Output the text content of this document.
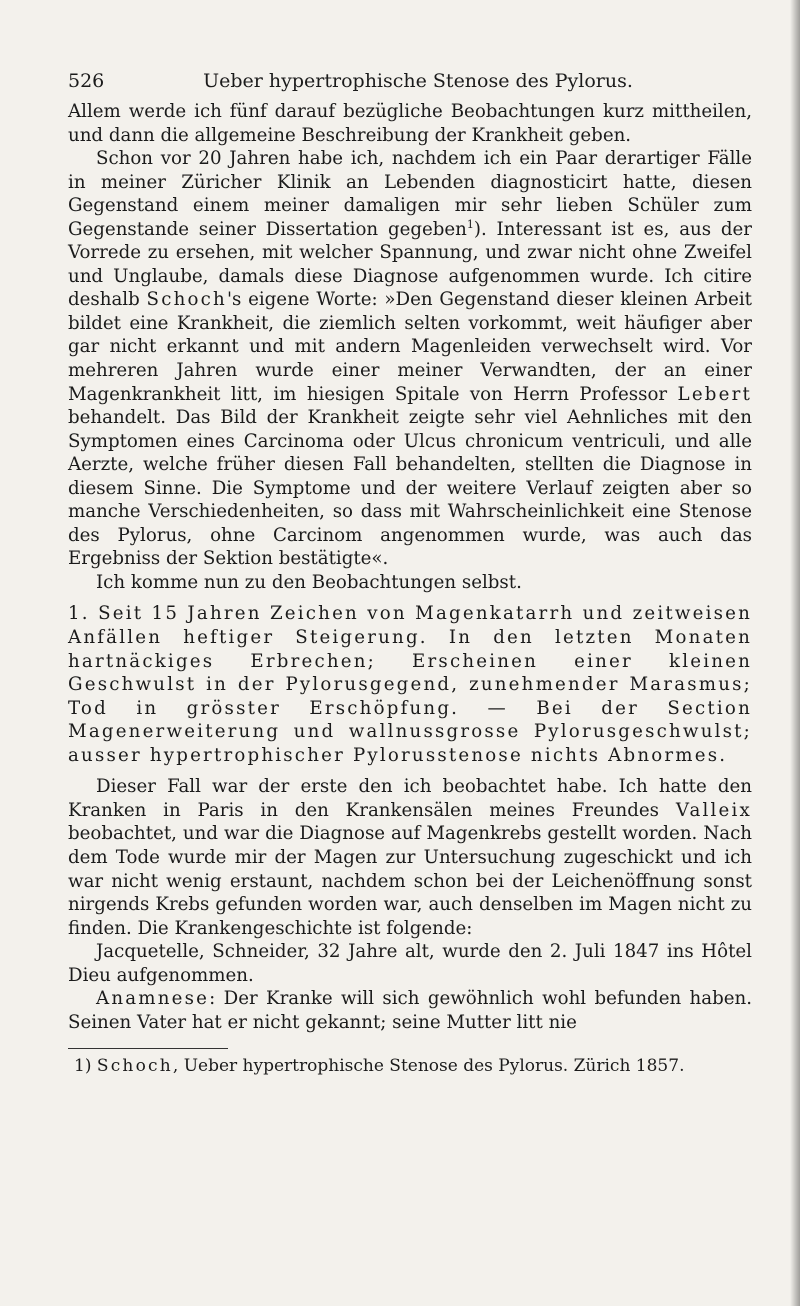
526	Ueber hypertrophische Stenose des Pylorus.

Allem werde ich fünf darauf bezügliche Beobachtungen kurz mittheilen, und dann die allgemeine Beschreibung der Krankheit geben.

Schon vor 20 Jahren habe ich, nachdem ich ein Paar derartiger Fälle in meiner Züricher Klinik an Lebenden diagnosticirt hatte, diesen Gegenstand einem meiner damaligen mir sehr lieben Schüler zum Gegenstande seiner Dissertation gegeben$^1$). Interessant ist es, aus der Vorrede zu ersehen, mit welcher Spannung, und zwar nicht ohne Zweifel und Unglaube, damals diese Diagnose aufgenommen wurde. Ich citire deshalb Schoch's eigene Worte: »Den Gegenstand dieser kleinen Arbeit bildet eine Krankheit, die ziemlich selten vorkommt, weit häufiger aber gar nicht erkannt und mit andern Magenleiden verwechselt wird. Vor mehreren Jahren wurde einer meiner Verwandten, der an einer Magenkrankheit litt, im hiesigen Spitale von Herrn Professor Lebert behandelt. Das Bild der Krankheit zeigte sehr viel Aehnliches mit den Symptomen eines Carcinoma oder Ulcus chronicum ventriculi, und alle Aerzte, welche früher diesen Fall behandelten, stellten die Diagnose in diesem Sinne. Die Symptome und der weitere Verlauf zeigten aber so manche Verschiedenheiten, so dass mit Wahrscheinlichkeit eine Stenose des Pylorus, ohne Carcinom angenommen wurde, was auch das Ergebniss der Sektion bestätigte«.

Ich komme nun zu den Beobachtungen selbst.

1. Seit 15 Jahren Zeichen von Magenkatarrh und zeitweisen Anfällen heftiger Steigerung. In den letzten Monaten hartnäckiges Erbrechen; Erscheinen einer kleinen Geschwulst in der Pylorusgegend, zunehmender Marasmus; Tod in grösster Erschöpfung. — Bei der Section Magenerweiterung und wallnussgrosse Pylorusgeschwulst; ausser hypertrophischer Pylorusstenose nichts Abnormes.

Dieser Fall war der erste den ich beobachtet habe. Ich hatte den Kranken in Paris in den Krankensälen meines Freundes Valleix beobachtet, und war die Diagnose auf Magenkrebs gestellt worden. Nach dem Tode wurde mir der Magen zur Untersuchung zugeschickt und ich war nicht wenig erstaunt, nachdem schon bei der Leichenöffnung sonst nirgends Krebs gefunden worden war, auch denselben im Magen nicht zu finden. Die Krankengeschichte ist folgende:

Jacquetelle, Schneider, 32 Jahre alt, wurde den 2. Juli 1847 ins Hôtel Dieu aufgenommen.

Anamnese: Der Kranke will sich gewöhnlich wohl befunden haben. Seinen Vater hat er nicht gekannt; seine Mutter litt nie

1) Schoch, Ueber hypertrophische Stenose des Pylorus. Zürich 1857.
